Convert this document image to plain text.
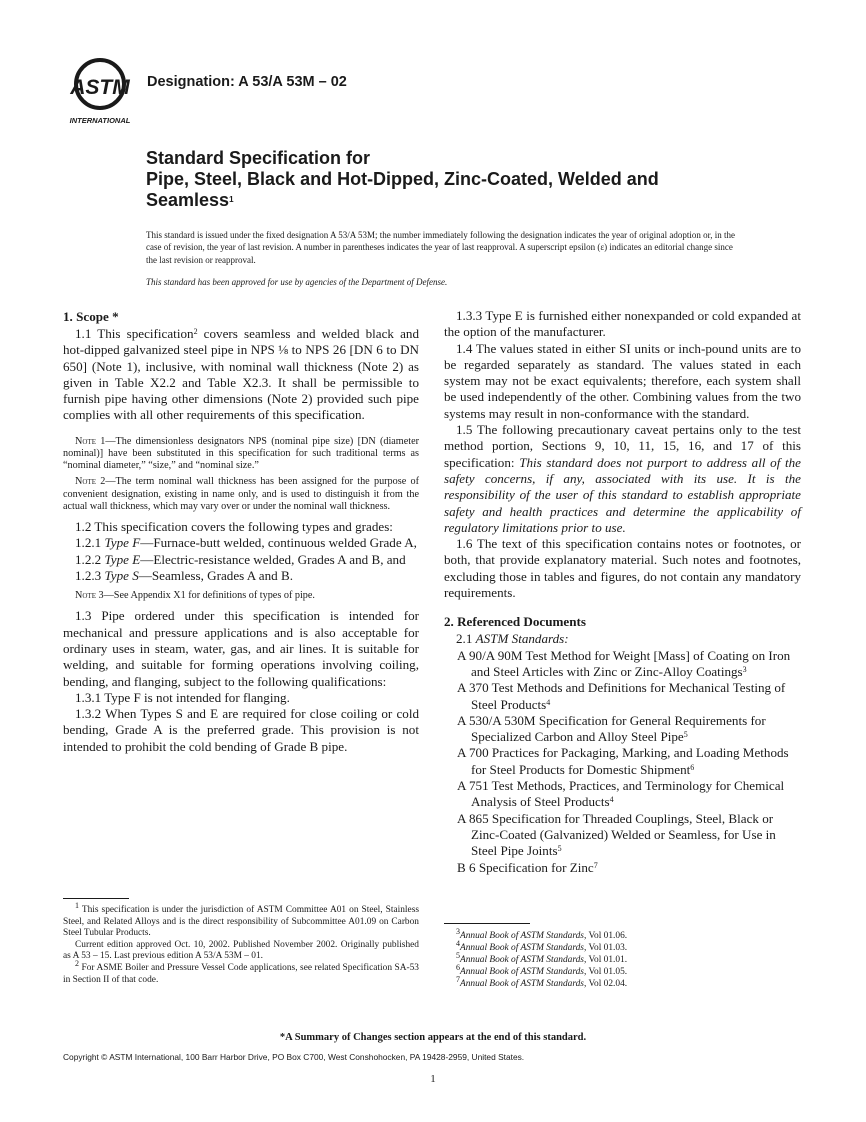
ASTM
INTERNATIONAL
Designation: A 53/A 53M – 02
Standard Specification for
Pipe, Steel, Black and Hot-Dipped, Zinc-Coated, Welded and
Seamless$^1$
This standard is issued under the fixed designation A 53/A 53M; the number immediately following the designation indicates the year of original adoption or, in the case of revision, the year of last revision. A number in parentheses indicates the year of last reapproval. A superscript epsilon (ε) indicates an editorial change since the last revision or reapproval.
This standard has been approved for use by agencies of the Department of Defense.
1. Scope *

1.1 This specification$^2$ covers seamless and welded black and hot-dipped galvanized steel pipe in NPS ⅛ to NPS 26 [DN 6 to DN 650] (Note 1), inclusive, with nominal wall thickness (Note 2) as given in Table X2.2 and Table X2.3. It shall be permissible to furnish pipe having other dimensions (Note 2) provided such pipe complies with all other requirements of this specification.

Note 1—The dimensionless designators NPS (nominal pipe size) [DN (diameter nominal)] have been substituted in this specification for such traditional terms as “nominal diameter,” “size,” and “nominal size.”

Note 2—The term nominal wall thickness has been assigned for the purpose of convenient designation, existing in name only, and is used to distinguish it from the actual wall thickness, which may vary over or under the nominal wall thickness.

1.2 This specification covers the following types and grades:

1.2.1 Type F—Furnace-butt welded, continuous welded Grade A,

1.2.2 Type E—Electric-resistance welded, Grades A and B, and

1.2.3 Type S—Seamless, Grades A and B.

Note 3—See Appendix X1 for definitions of types of pipe.

1.3 Pipe ordered under this specification is intended for mechanical and pressure applications and is also acceptable for ordinary uses in steam, water, gas, and air lines. It is suitable for welding, and suitable for forming operations involving coiling, bending, and flanging, subject to the following qualifications:

1.3.1 Type F is not intended for flanging.

1.3.2 When Types S and E are required for close coiling or cold bending, Grade A is the preferred grade. This provision is not intended to prohibit the cold bending of Grade B pipe.

1.3.3 Type E is furnished either nonexpanded or cold expanded at the option of the manufacturer.

1.4 The values stated in either SI units or inch-pound units are to be regarded separately as standard. The values stated in each system may not be exact equivalents; therefore, each system shall be used independently of the other. Combining values from the two systems may result in non-conformance with the standard.

1.5 The following precautionary caveat pertains only to the test method portion, Sections 9, 10, 11, 15, 16, and 17 of this specification: This standard does not purport to address all of the safety concerns, if any, associated with its use. It is the responsibility of the user of this standard to establish appropriate safety and health practices and determine the applicability of regulatory limitations prior to use.

1.6 The text of this specification contains notes or footnotes, or both, that provide explanatory material. Such notes and footnotes, excluding those in tables and figures, do not contain any mandatory requirements.

2. Referenced Documents

2.1 ASTM Standards:

A 90/A 90M Test Method for Weight [Mass] of Coating on Iron and Steel Articles with Zinc or Zinc-Alloy Coatings$^3$

A 370 Test Methods and Definitions for Mechanical Testing of Steel Products$^4$

A 530/A 530M Specification for General Requirements for Specialized Carbon and Alloy Steel Pipe$^5$

A 700 Practices for Packaging, Marking, and Loading Methods for Steel Products for Domestic Shipment$^6$

A 751 Test Methods, Practices, and Terminology for Chemical Analysis of Steel Products$^4$

A 865 Specification for Threaded Couplings, Steel, Black or Zinc-Coated (Galvanized) Welded or Seamless, for Use in Steel Pipe Joints$^5$

B 6 Specification for Zinc$^7$

$^1$ This specification is under the jurisdiction of ASTM Committee A01 on Steel, Stainless Steel, and Related Alloys and is the direct responsibility of Subcommittee A01.09 on Carbon Steel Tubular Products.

Current edition approved Oct. 10, 2002. Published November 2002. Originally published as A 53 – 15. Last previous edition A 53/A 53M – 01.

$^2$ For ASME Boiler and Pressure Vessel Code applications, see related Specification SA-53 in Section II of that code.

$^3$Annual Book of ASTM Standards, Vol 01.06.

$^4$Annual Book of ASTM Standards, Vol 01.03.

$^5$Annual Book of ASTM Standards, Vol 01.01.

$^6$Annual Book of ASTM Standards, Vol 01.05.

$^7$Annual Book of ASTM Standards, Vol 02.04.

*A Summary of Changes section appears at the end of this standard.
Copyright © ASTM International, 100 Barr Harbor Drive, PO Box C700, West Conshohocken, PA 19428-2959, United States.
1
